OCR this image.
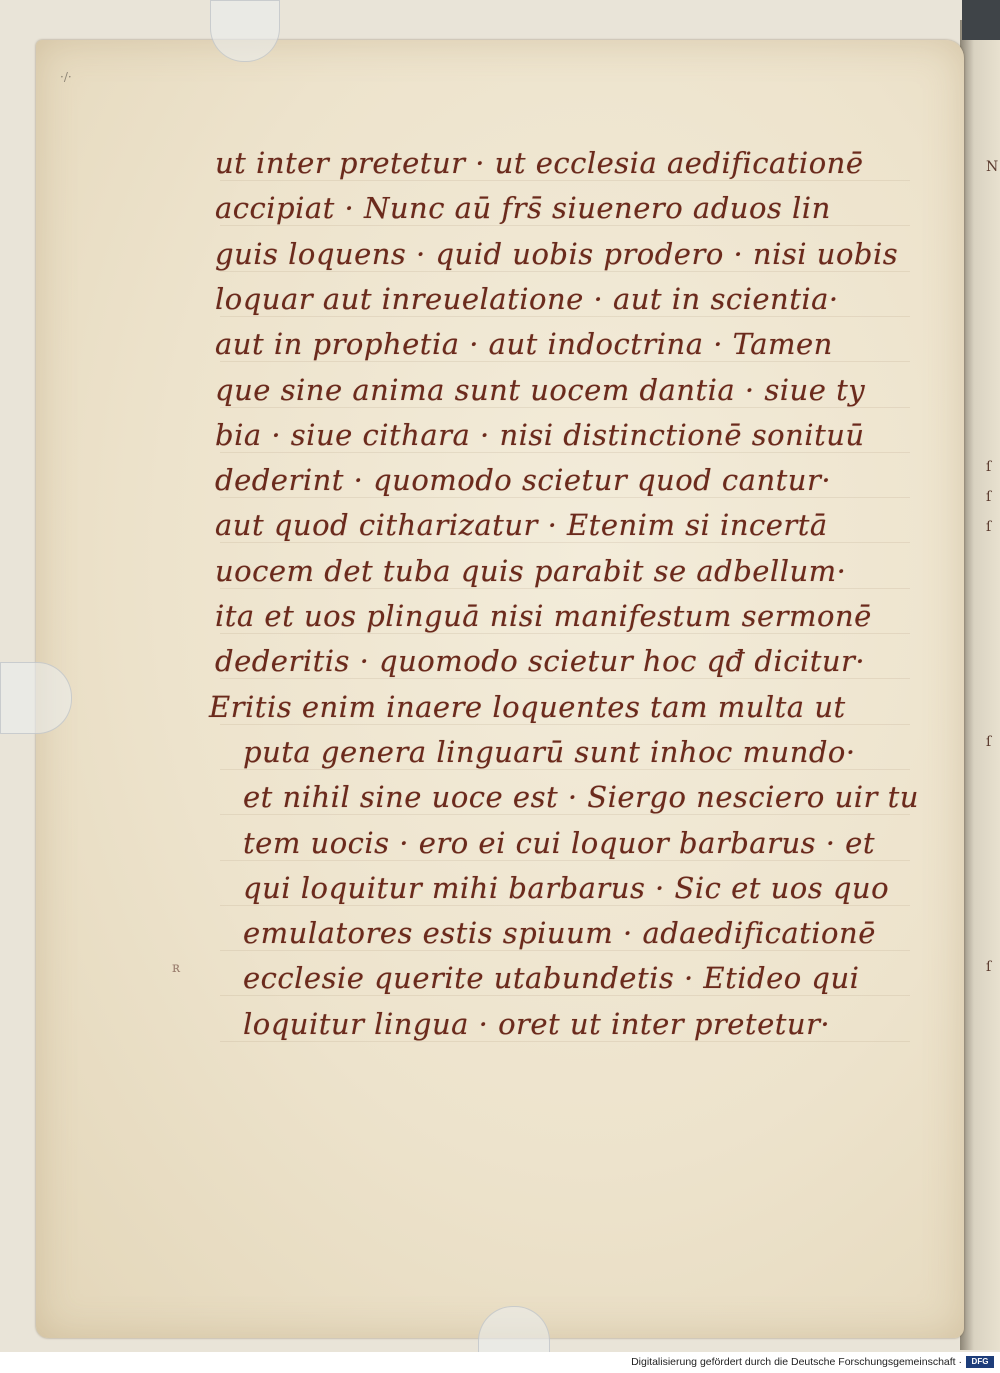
N
ſ
ſ
ſ
ſ
ſ
·/·
ʀ
ut inter pretetur · ut ecclesia aedificationē
accipiat · Nunc aū frs̄ siuenero aduos lin
guis loquens · quid uobis prodero · nisi uobis
loquar aut inreuelatione · aut in scientia·
aut in prophetia · aut indoctrina · Tamen
que sine anima sunt uocem dantia · siue ty
bia · siue cithara · nisi distinctionē sonituū
dederint · quomodo scietur quod cantur·
aut quod citharizatur · Etenim si incertā
uocem det tuba quis parabit se adbellum·
ita et uos plinguā nisi manifestum sermonē
dederitis · quomodo scietur hoc qđ dicitur·
Eritis enim inaere loquentes tam multa ut
puta genera linguarū sunt inhoc mundo·
et nihil sine uoce est · Siergo nesciero uir tu
tem uocis · ero ei cui loquor barbarus · et
qui loquitur mihi barbarus · Sic et uos quo
emulatores estis spiuum · adaedificationē
ecclesie querite utabundetis · Etideo qui
loquitur lingua · oret ut inter pretetur·
Digitalisierung gefördert durch die Deutsche Forschungsgemeinschaft ·	DFG
